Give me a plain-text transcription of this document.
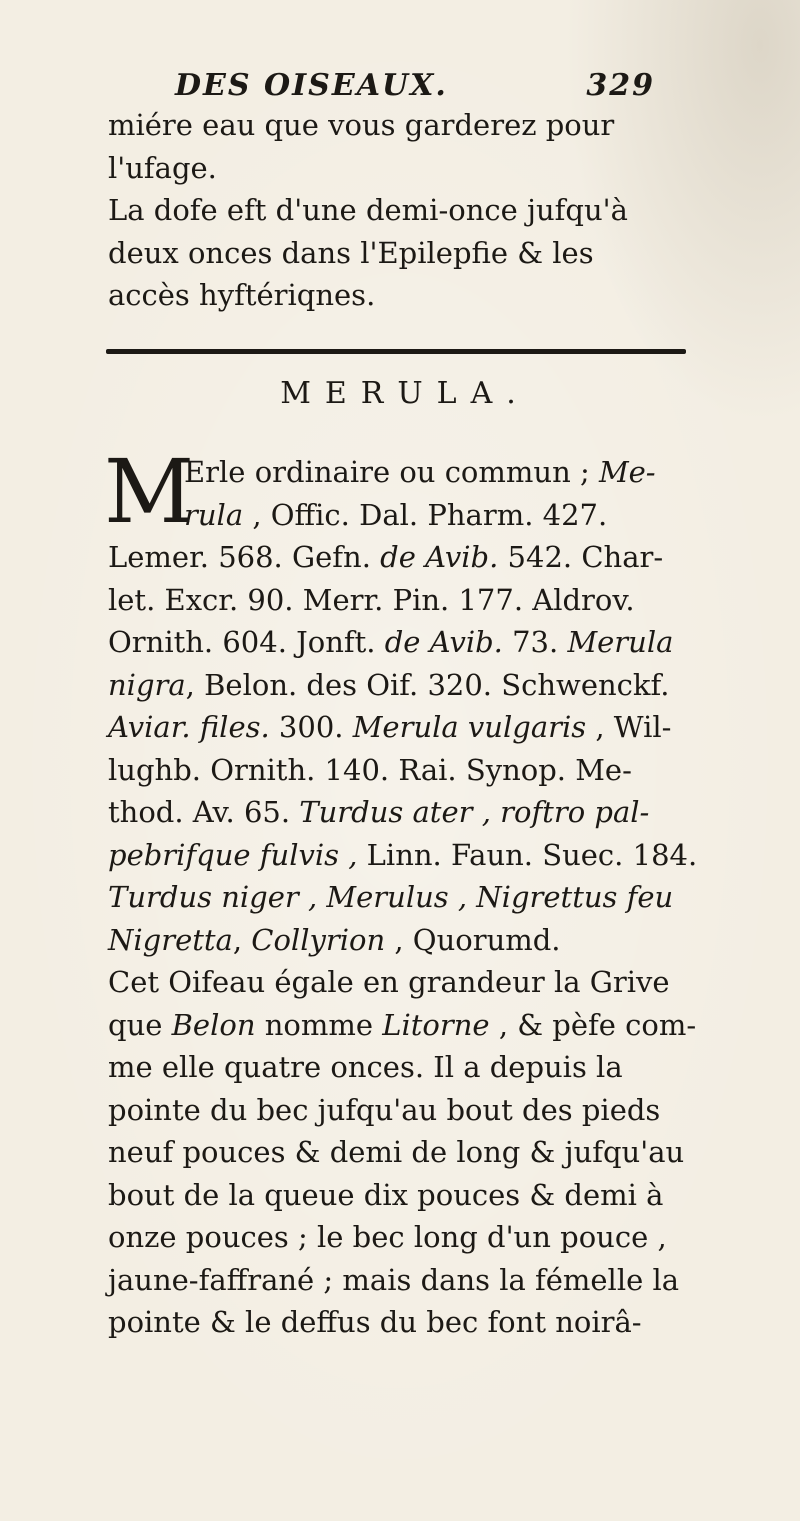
DES OISEAUX.	329
miére eau que vous garderez pour
l'ufage.
La dofe eft d'une demi-once jufqu'à
deux onces dans l'Epilepfie & les
accès hyftériqnes.
MERULA.
M
Erle ordinaire ou commun ; Me-
rula , Offic. Dal. Pharm. 427.
Lemer. 568. Gefn. de Avib. 542. Char-
let. Excr. 90. Merr. Pin. 177. Aldrov.
Ornith. 604. Jonft. de Avib. 73. Merula
nigra, Belon. des Oif. 320. Schwenckf.
Aviar. files. 300. Merula vulgaris , Wil-
lughb. Ornith. 140. Rai. Synop. Me-
thod. Av. 65. Turdus ater , roftro pal-
pebrifque fulvis , Linn. Faun. Suec. 184.
Turdus niger , Merulus , Nigrettus feu
Nigretta, Collyrion , Quorumd.
Cet Oifeau égale en grandeur la Grive
que Belon nomme Litorne , & pèfe com-
me elle quatre onces. Il a depuis la
pointe du bec jufqu'au bout des pieds
neuf pouces & demi de long & jufqu'au
bout de la queue dix pouces & demi à
onze pouces ; le bec long d'un pouce ,
jaune-faffrané ; mais dans la fémelle la
pointe & le deffus du bec font noirâ-
